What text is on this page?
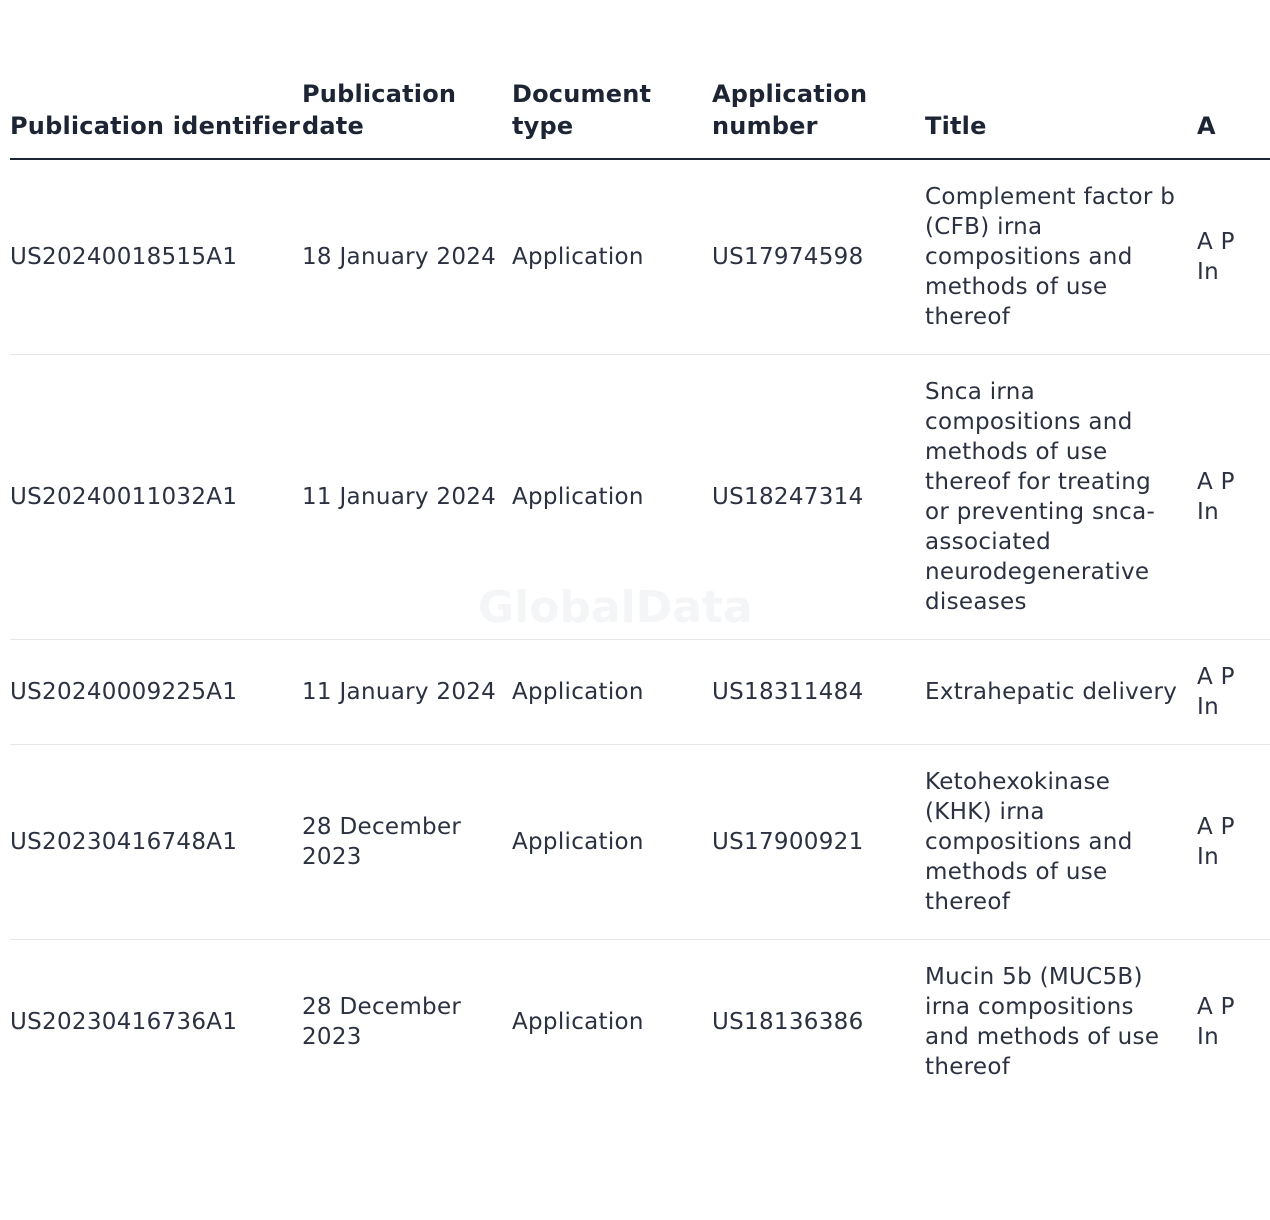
GlobalData
Publication identifier	Publication date	Document type	Application number	Title	A
US20240018515A1	18 January 2024	Application	US17974598	Complement factor b (CFB) irna compositions and methods of use thereof	A P In
US20240011032A1	11 January 2024	Application	US18247314	Snca irna compositions and methods of use thereof for treating or preventing snca-associated neurodegenerative diseases	A P In
US20240009225A1	11 January 2024	Application	US18311484	Extrahepatic delivery	A P In
US20230416748A1	28 December 2023	Application	US17900921	Ketohexokinase (KHK) irna compositions and methods of use thereof	A P In
US20230416736A1	28 December 2023	Application	US18136386	Mucin 5b (MUC5B) irna compositions and methods of use thereof	A P In
